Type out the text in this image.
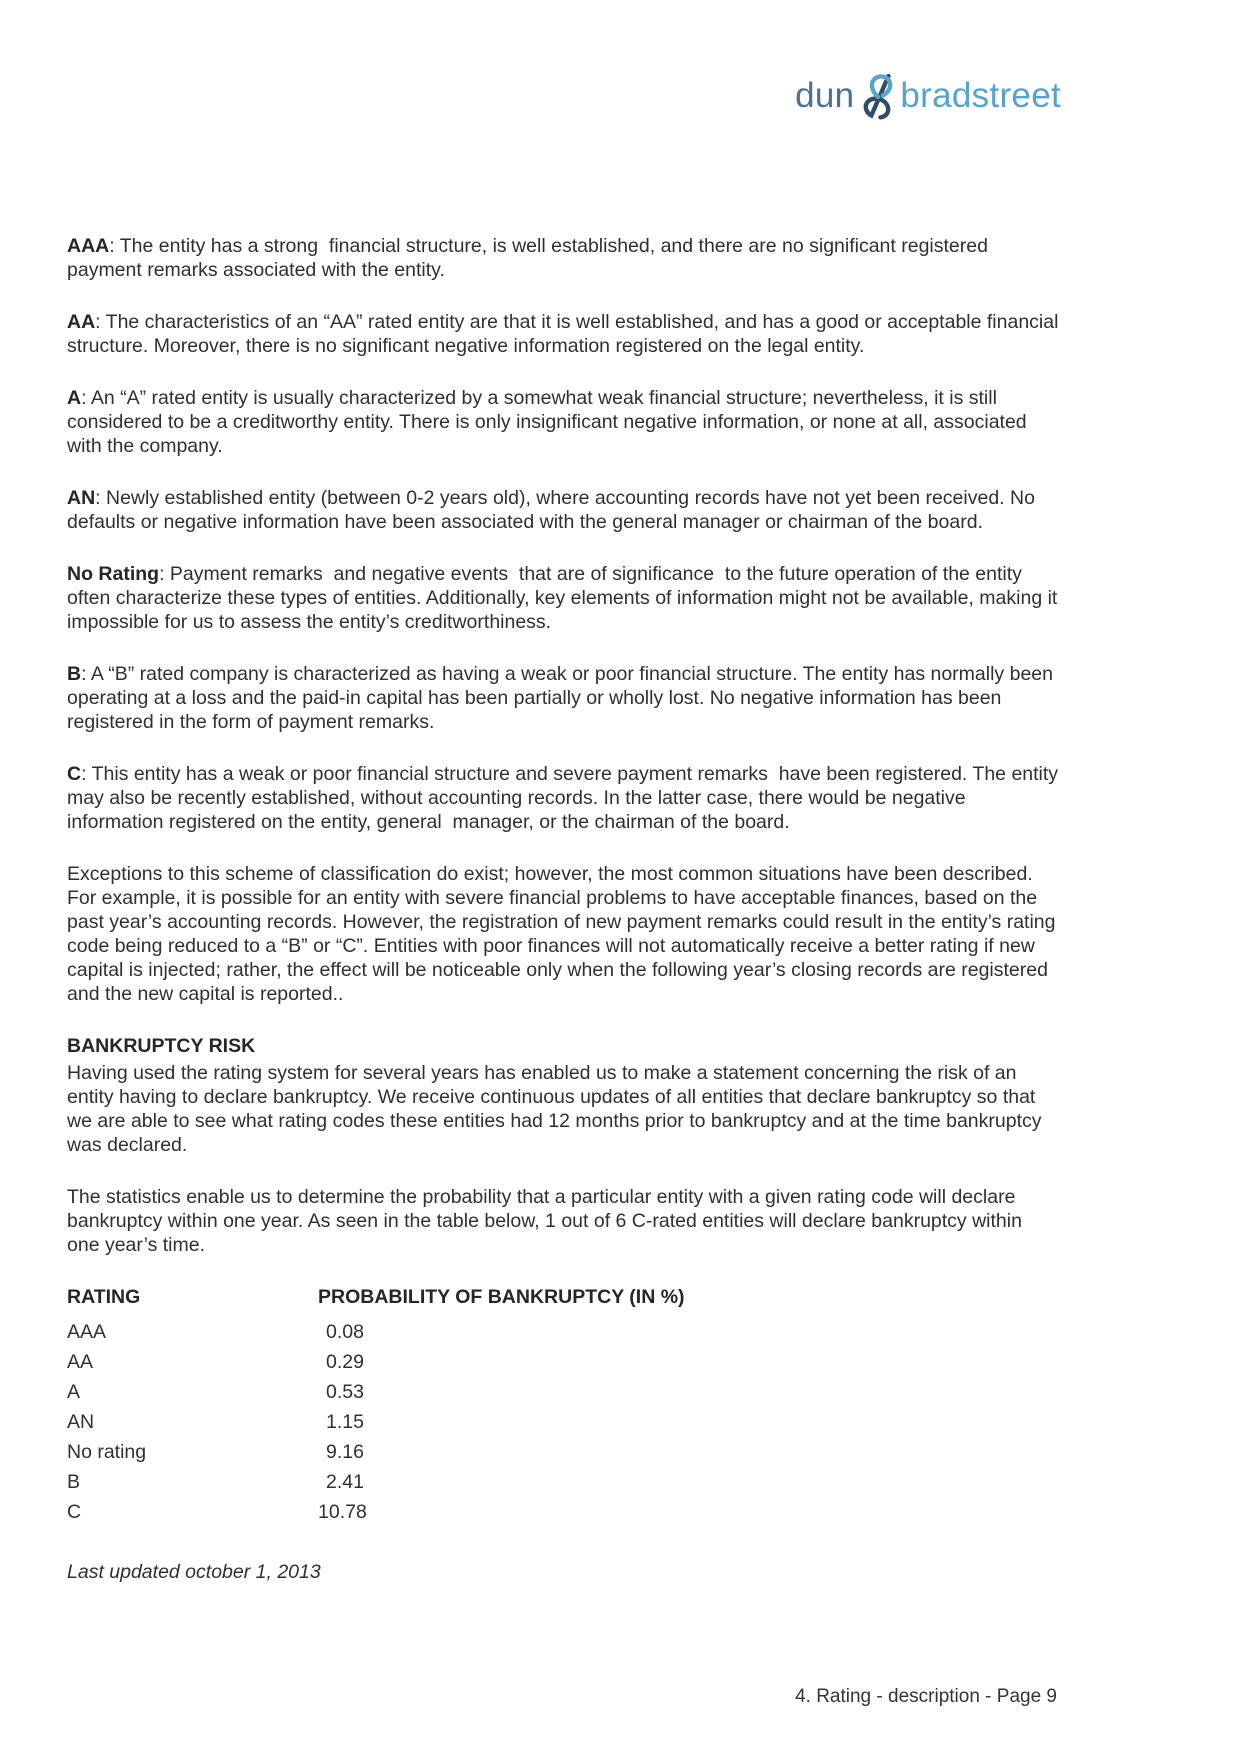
dun bradstreet

AAA: The entity has a strong  financial structure, is well established, and there are no significant registered payment remarks associated with the entity.

AA: The characteristics of an “AA” rated entity are that it is well established, and has a good or acceptable financial structure. Moreover, there is no significant negative information registered on the legal entity.

A: An “A” rated entity is usually characterized by a somewhat weak financial structure; nevertheless, it is still considered to be a creditworthy entity. There is only insignificant negative information, or none at all, associated with the company.

AN: Newly established entity (between 0-2 years old), where accounting records have not yet been received. No defaults or negative information have been associated with the general manager or chairman of the board.

No Rating: Payment remarks  and negative events  that are of significance  to the future operation of the entity often characterize these types of entities. Additionally, key elements of information might not be available, making it impossible for us to assess the entity’s creditworthiness.

B: A “B” rated company is characterized as having a weak or poor financial structure. The entity has normally been operating at a loss and the paid-in capital has been partially or wholly lost. No negative information has been registered in the form of payment remarks.

C: This entity has a weak or poor financial structure and severe payment remarks  have been registered. The entity may also be recently established, without accounting records. In the latter case, there would be negative information registered on the entity, general  manager, or the chairman of the board.

Exceptions to this scheme of classification do exist; however, the most common situations have been described. For example, it is possible for an entity with severe financial problems to have acceptable finances, based on the past year’s accounting records. However, the registration of new payment remarks could result in the entity’s rating code being reduced to a “B” or “C”. Entities with poor finances will not automatically receive a better rating if new capital is injected; rather, the effect will be noticeable only when the following year’s closing records are registered and the new capital is reported..

BANKRUPTCY RISK

Having used the rating system for several years has enabled us to make a statement concerning the risk of an entity having to declare bankruptcy. We receive continuous updates of all entities that declare bankruptcy so that we are able to see what rating codes these entities had 12 months prior to bankruptcy and at the time bankruptcy was declared.

The statistics enable us to determine the probability that a particular entity with a given rating code will declare bankruptcy within one year. As seen in the table below, 1 out of 6 C-rated entities will declare bankruptcy within one year’s time.

RATING	PROBABILITY OF BANKRUPTCY (IN %)
AAA	0.08
AA	0.29
A	0.53
AN	1.15
No rating	9.16
B	2.41
C	10.78

Last updated october 1, 2013

4. Rating - description - Page 9
